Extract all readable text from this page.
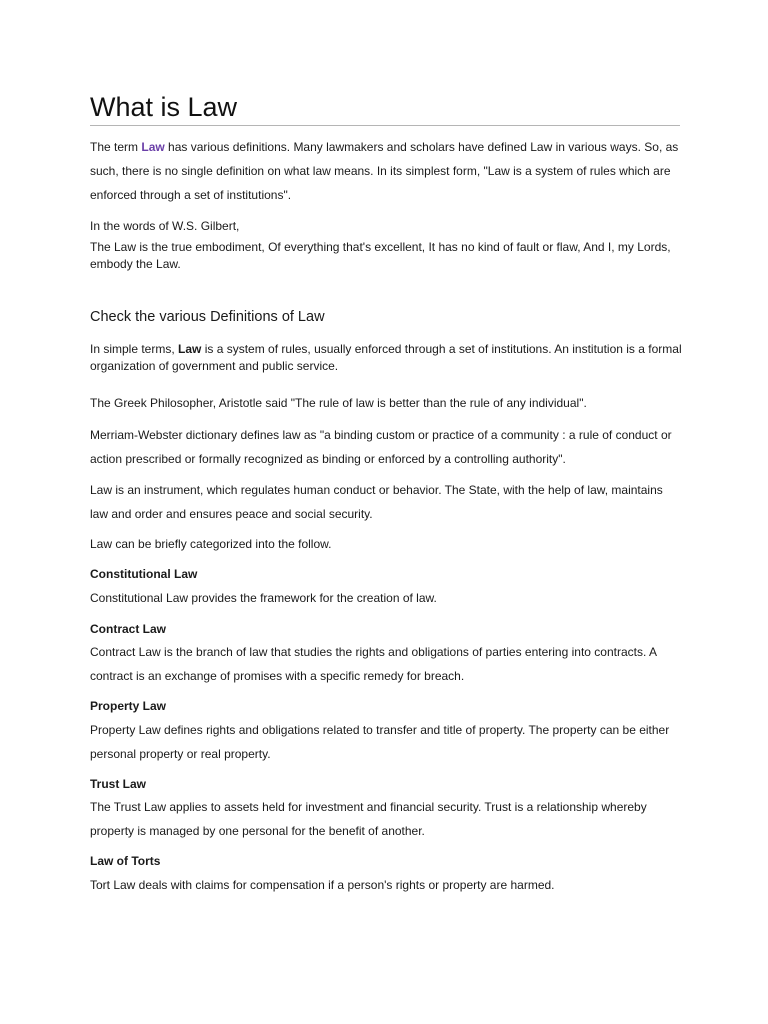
What is Law

The term Law has various definitions. Many lawmakers and scholars have defined Law in various ways. So, as such, there is no single definition on what law means. In its simplest form, "Law is a system of rules which are enforced through a set of institutions".

In the words of W.S. Gilbert,

The Law is the true embodiment, Of everything that's excellent, It has no kind of fault or flaw, And I, my Lords, embody the Law.

Check the various Definitions of Law

In simple terms, Law is a system of rules, usually enforced through a set of institutions. An institution is a formal organization of government and public service.

The Greek Philosopher, Aristotle said "The rule of law is better than the rule of any individual".

Merriam-Webster dictionary defines law as "a binding custom or practice of a community : a rule of conduct or action prescribed or formally recognized as binding or enforced by a controlling authority".

Law is an instrument, which regulates human conduct or behavior. The State, with the help of law, maintains law and order and ensures peace and social security.

Law can be briefly categorized into the follow.

Constitutional Law

Constitutional Law provides the framework for the creation of law.

Contract Law

Contract Law is the branch of law that studies the rights and obligations of parties entering into contracts. A contract is an exchange of promises with a specific remedy for breach.

Property Law

Property Law defines rights and obligations related to transfer and title of property. The property can be either personal property or real property.

Trust Law

The Trust Law applies to assets held for investment and financial security. Trust is a relationship whereby property is managed by one personal for the benefit of another.

Law of Torts

Tort Law deals with claims for compensation if a person's rights or property are harmed.
